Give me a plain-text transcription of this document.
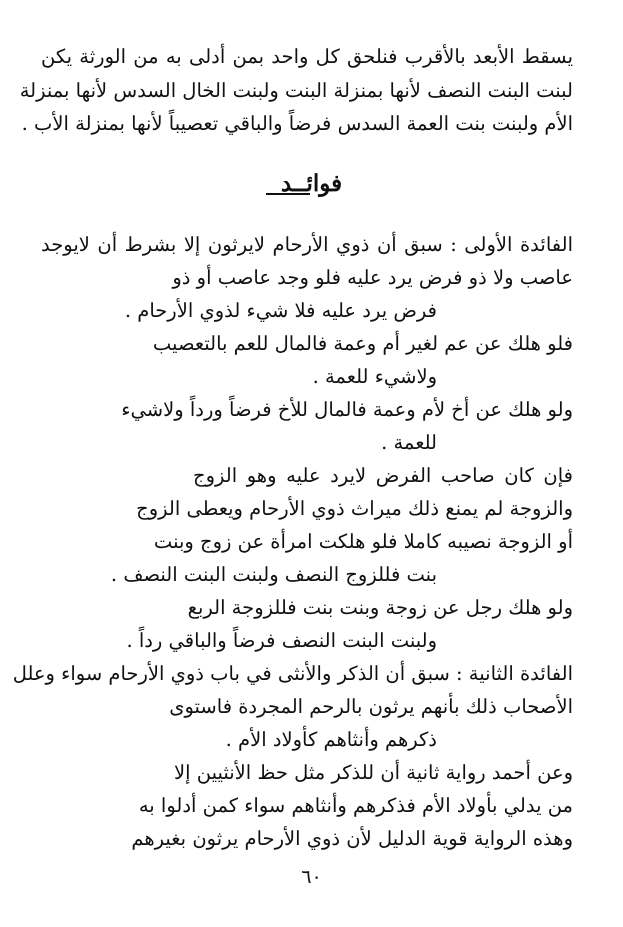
يسقط الأبعد بالأقرب فنلحق كل واحد بمن أدلى به من الورثة يكن
لبنت البنت النصف لأنها بمنزلة البنت ولبنت الخال السدس لأنها بمنزلة
الأم ولبنت بنت العمة السدس فرضاً والباقي تعصيباً لأنها بمنزلة الأب .
فوائــد
الفائدة الأولى : سبق أن ذوي الأرحام لايرثون إلا بشرط أن لايوجد
عاصب ولا ذو فرض يرد عليه فلو وجد عاصب أو ذو
فرض يرد عليه فلا شيء لذوي الأرحام .
فلو هلك عن عم لغير أم وعمة فالمال للعم بالتعصيب
ولاشيء للعمة .
ولو هلك عن أخ لأم وعمة فالمال للأخ فرضاً ورداً ولاشيء
للعمة .
فإن كان صاحب الفرض لايرد عليه وهو الزوج
والزوجة لم يمنع ذلك ميراث ذوي الأرحام ويعطى الزوج
أو الزوجة نصيبه كاملا فلو هلكت امرأة عن زوج وبنت
بنت فللزوج النصف ولبنت البنت النصف .
ولو هلك رجل عن زوجة وبنت بنت فللزوجة الربع
ولبنت البنت النصف فرضاً والباقي رداً .
الفائدة الثانية : سبق أن الذكر والأنثى في باب ذوي الأرحام سواء وعلل
الأصحاب ذلك بأنهم يرثون بالرحم المجردة فاستوى
ذكرهم وأنثاهم كأولاد الأم .
وعن أحمد رواية ثانية أن للذكر مثل حظ الأنثيين إلا
من يدلي بأولاد الأم فذكرهم وأنثاهم سواء كمن أدلوا به
وهذه الرواية قوية الدليل لأن ذوي الأرحام يرثون بغيرهم
٦٠
